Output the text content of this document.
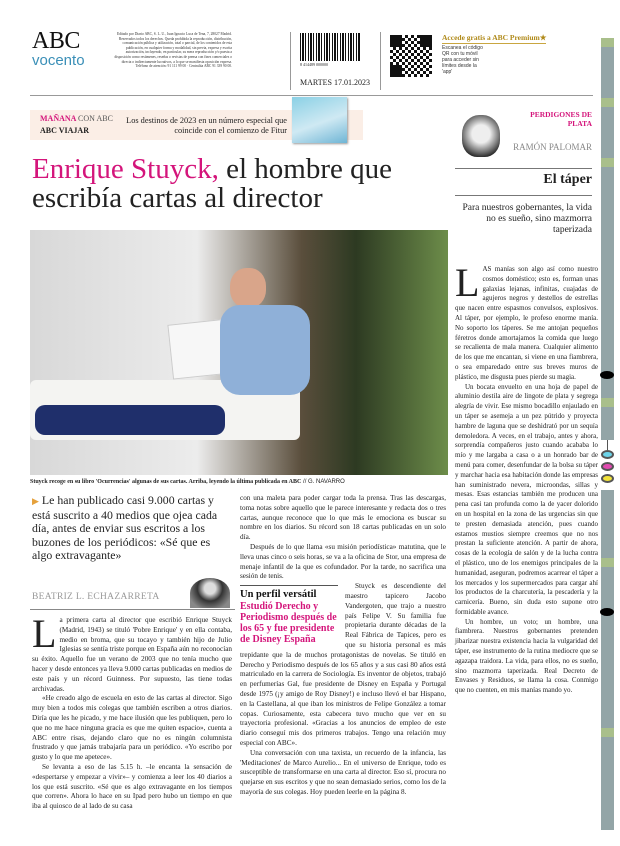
ABC
vocento
Editado por Diario ABC, S. L. U., Juan Ignacio Luca de Tena, 7, 28027 Madrid. Reservados todos los derechos. Queda prohibida la reproducción, distribución, comunicación pública y utilización, total o parcial, de los contenidos de esta publicación, en cualquier forma y modalidad, sin previa, expresa y escrita autorización, incluyendo, en particular, su mera reproducción y/o puesta a disposición como resúmenes, reseñas o revistas de prensa con fines comerciales o directa o indirectamente lucrativos, a lo que se manifiesta oposición expresa. Teléfono de atención: 91 111 99 00 · Centralita ABC 91 339 90 00.	8 414489 000000
MARTES 17.01.2023
Accede gratis a ABC Premium★
Escanea el código QR con tu móvil para acceder sin límites desde la 'app'
MAÑANA CON ABC
ABC VIAJAR
Los destinos de 2023 en un número especial que coincide con el comienzo de Fitur
Enrique Stuyck, el hombre que escribía cartas al director
Stuyck recoge en su libro 'Ocurrencias' algunas de sus cartas. Arriba, leyendo la última publicada en ABC // G. NAVARRO
▶ Le han publicado casi 9.000 cartas y está suscrito a 40 medios que ojea cada día, antes de enviar sus escritos a los buzones de los periódicos: «Sé que es algo extravagante»
BEATRIZ L. ECHAZARRETA

La primera carta al director que escribió Enrique Stuyck (Madrid, 1943) se tituló 'Pobre Enrique' y en ella contaba, medio en broma, que su tocayo y también hijo de Julio Iglesias se sentía triste porque en España aún no reconocían su éxito. Aquello fue un verano de 2003 que no tenía mucho que hacer y desde entonces ya lleva 9.000 cartas publicadas en medios de este país y un récord Guinness. Por supuesto, las tiene todas archivadas.

«He creado algo de escuela en esto de las cartas al director. Sigo muy bien a todos mis colegas que también escriben a otros diarios. Diría que les he picado, y me hace ilusión que les publiquen, pero lo que no me hace ninguna gracia es que me quiten espacio», cuenta a ABC entre risas, dejando claro que no es ningún columnista frustrado y que jamás trabajaría para un periódico. «Yo escribo por gusto y lo que me apetece».

Se levanta a eso de las 5.15 h. –le encanta la sensación de «despertarse y empezar a vivir»– y comienza a leer los 40 diarios a los que está suscrito. «Sé que es algo extravagante en los tiempos que corren». Ahora lo hace en su Ipad pero hubo un tiempo en que iba al quiosco de al lado de su casa

con una maleta para poder cargar toda la prensa. Tras las descargas, toma notas sobre aquello que le parece interesante y redacta dos o tres cartas, aunque reconoce que lo que más le emociona es buscar su nombre en los diarios. Su récord son 18 cartas publicadas en un solo día.

Después de lo que llama «su misión periodística» matutina, que le lleva unas cinco o seis horas, se va a la oficina de Stor, una empresa de menaje infantil de la que es cofundador. Por la tarde, no sacrifica una sesión de tenis.

Un perfil versátil
Estudió Derecho y Periodismo después de los 65 y fue presidente de Disney España
Stuyck es descendiente del maestro tapicero Jacobo Vandergoten, que trajo a nuestro país Felipe V. Su familia fue propietaria durante décadas de la Real Fábrica de Tapices, pero es que su historia personal es más trepidante que la de muchos protagonistas de novelas. Se tituló en Derecho y Periodismo después de los 65 años y a sus casi 80 años está matriculado en la carrera de Sociología. Es inventor de objetos, trabajó en perfumerías Gal, fue presidente de Disney en España y Portugal desde 1975 (¡y amigo de Roy Disney!) e incluso llevó el bar Hispano, en la Castellana, al que iban los ministros de Felipe González a tomar copas. Curiosamente, esta cabecera tuvo mucho que ver en su trayectoria profesional. «Gracias a los anuncios de empleo de este diario conseguí mis dos primeros trabajos. Tengo una relación muy especial con ABC».

Una conversación con una taxista, un recuerdo de la infancia, las 'Meditaciones' de Marco Aurelio... En el universo de Enrique, todo es susceptible de transformarse en una carta al director. Eso sí, procura no quejarse en sus escritos y que no sean demasiado serios, como los de la mayoría de sus colegas. Hoy pueden leerle en la página 8.

PERDIGONES DE PLATA
RAMÓN PALOMAR
El táper
Para nuestros gobernantes, la vida no es sueño, sino mazmorra taperizada

LAS manías son algo así como nuestro cosmos doméstico; esto es, forman unas galaxias lejanas, infinitas, cuajadas de agujeros negros y destellos de estrellas que nacen entre espasmos convulsos, explosivos. Al táper, por ejemplo, le profeso enorme manía. No soporto los táperes. Se me antojan pequeños féretros donde amortajamos la comida que luego se recalienta de mala manera. Cualquier alimento de los que me encantan, si viene en una fiambrera, o sea emparedado entre sus breves muros de plástico, me disgusta pues pierde su magia.

Un bocata envuelto en una hoja de papel de aluminio destila aire de lingote de plata y segrega alegría de vivir. Ese mismo bocadillo enjaulado en un táper se asemeja a un pez pútrido y proyecta hambre de laguna que se deshidrató por un sequía demoledora. A veces, en el trabajo, antes y ahora, sorprendía compañeros justo cuando acababa lo mío y me largaba a casa o a un honrado bar de menú para comer, desenfundar de la bolsa su táper y marchar hacia esa habitación donde las empresas han suministrado nevera, microondas, sillas y mesas. Esas estancias también me producen una pena casi tan profunda como la de yacer dolorido en un hospital en la zona de las urgencias sin que te presten demasiada atención, pues cuando estamos mustios siempre creemos que no nos prestan la suficiente atención. A partir de ahora, cosas de la ecología de salón y de la lucha contra el plástico, uno de los enemigos principales de la humanidad, aseguran, podremos acarrear el táper a los mercados y los supermercados para cargar ahí los productos de la charcutería, la pescadería y la carnicería. Bueno, sin duda esto supone otro formidable avance.

Un hombre, un voto; un hombre, una fiambrera. Nuestros gobernantes pretenden jibarizar nuestra existencia hacia la vulgaridad del táper, ese instrumento de la rutina mediocre que se agazapa traidora. La vida, para ellos, no es sueño, sino mazmorra taperizada. Real Decreto de Envases y Residuos, se llama la cosa. Conmigo que no cuenten, en mis manías mando yo.
